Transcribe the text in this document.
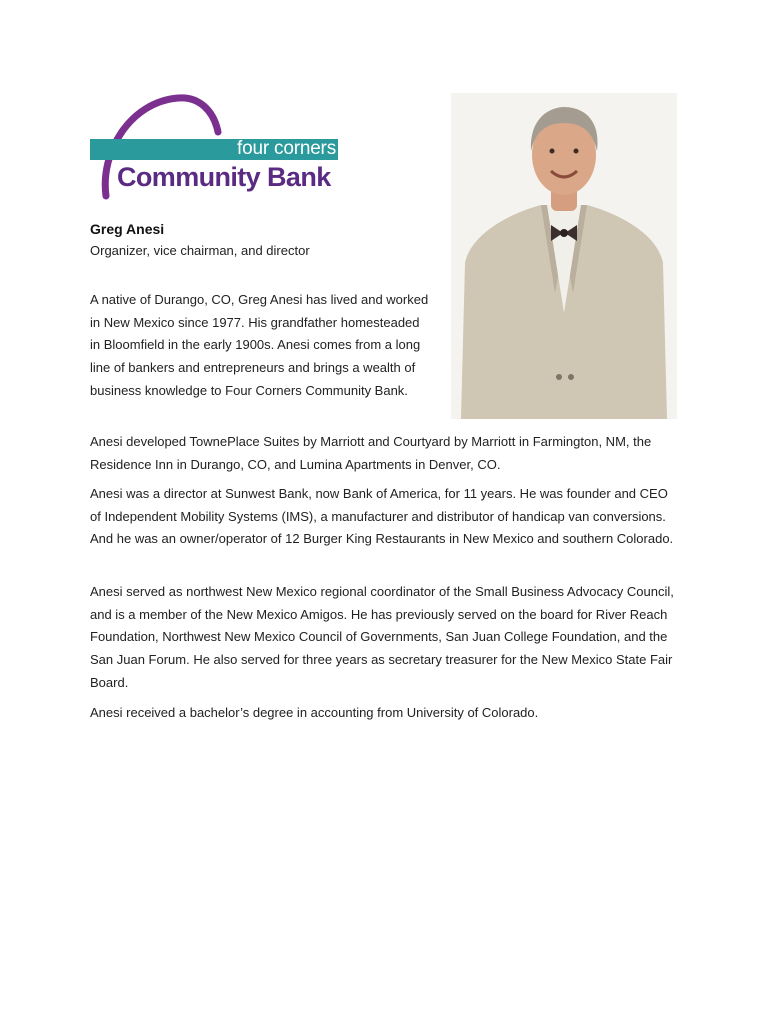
four corners
Community Bank
Greg Anesi
Organizer, vice chairman, and director

A native of Durango, CO, Greg Anesi has lived and worked in New Mexico since 1977. His grandfather homesteaded in Bloomfield in the early 1900s. Anesi comes from a long line of bankers and entrepreneurs and brings a wealth of business knowledge to Four Corners Community Bank.

Anesi developed TownePlace Suites by Marriott and Courtyard by Marriott in Farmington, NM, the Residence Inn in Durango, CO, and Lumina Apartments in Denver, CO.

Anesi was a director at Sunwest Bank, now Bank of America, for 11 years. He was founder and CEO of Independent Mobility Systems (IMS), a manufacturer and distributor of handicap van conversions. And he was an owner/operator of 12 Burger King Restaurants in New Mexico and southern Colorado.

Anesi served as northwest New Mexico regional coordinator of the Small Business Advocacy Council, and is a member of the New Mexico Amigos. He has previously served on the board for River Reach Foundation, Northwest New Mexico Council of Governments, San Juan College Foundation, and the San Juan Forum. He also served for three years as secretary treasurer for the New Mexico State Fair Board.

Anesi received a bachelor’s degree in accounting from University of Colorado.
